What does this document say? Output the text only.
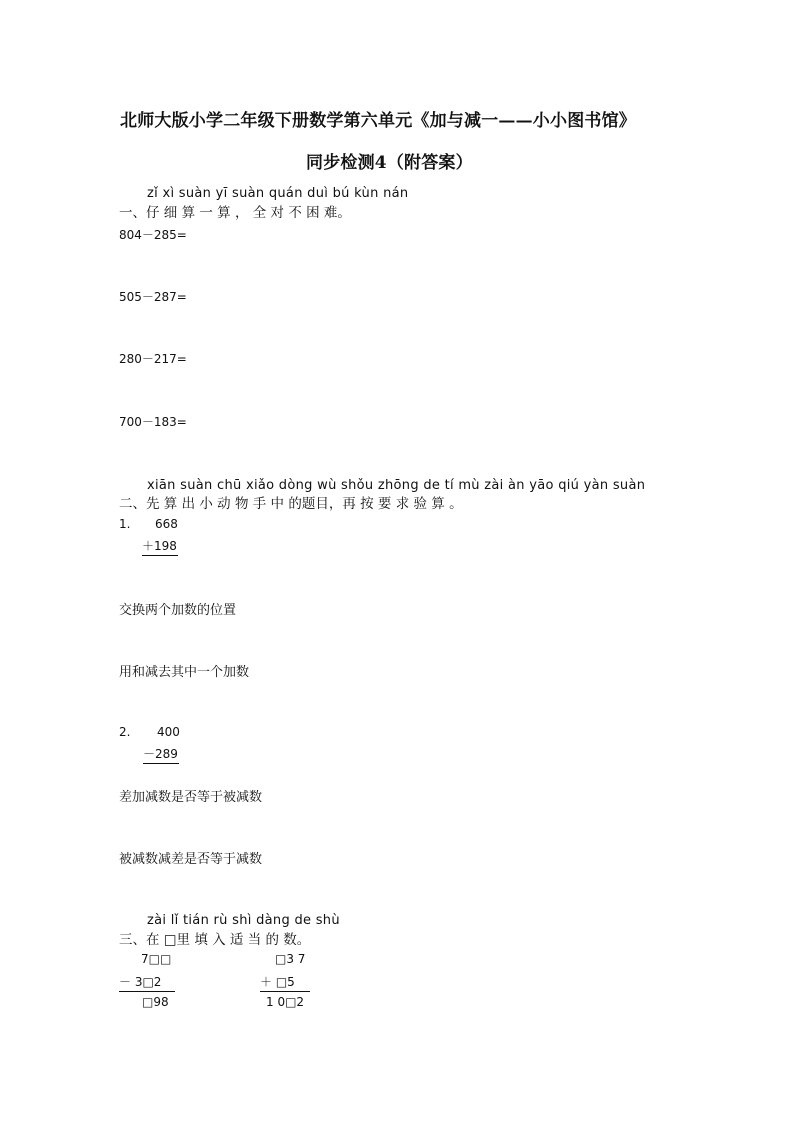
北师大版小学二年级下册数学第六单元《加与减一——小小图书馆》
同步检测4（附答案）
zǐ xì suàn yī suàn quán duì bú kùn nán
一、仔 细 算 一 算 ， 全 对 不 困 难。
804－285=
505－287=
280－217=
700－183=
xiān suàn chū xiǎo dòng wù shǒu zhōng de tí mù zài àn yāo qiú yàn suàn
二、先 算 出 小 动 物 手 中 的题目，再 按 要 求 验 算 。
1. 668
＋198
交换两个加数的位置
用和减去其中一个加数
2. 400
－289
差加减数是否等于被减数
被减数减差是否等于减数
zài lǐ tián rù shì dàng de shù
三、在 □里 填 入 适 当 的 数。
7□□
－ 3□2
□98
□3 7
＋ □5
1 0□2
